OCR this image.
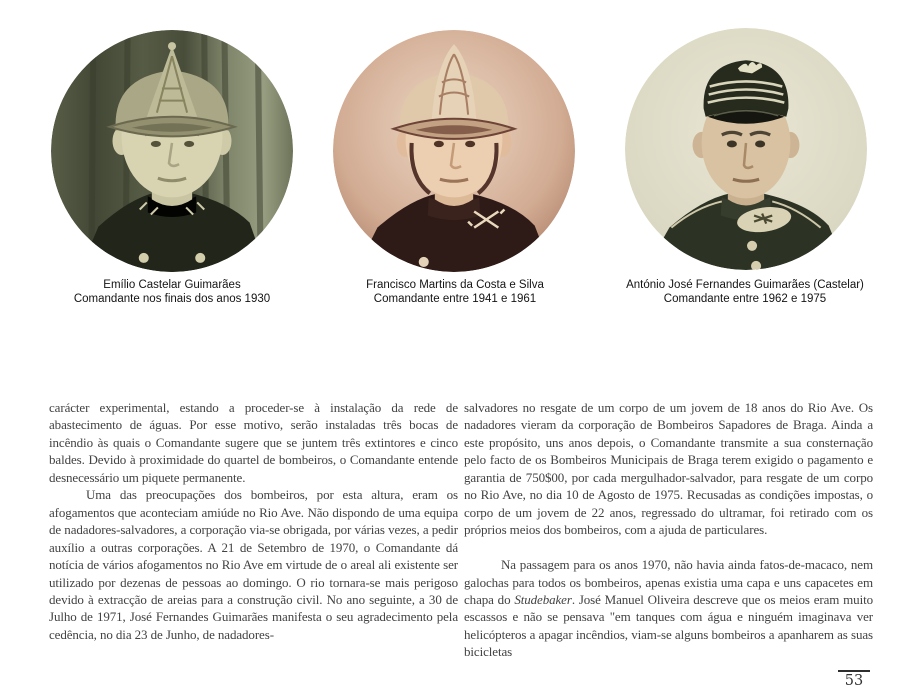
Emílio Castelar Guimarães
Comandante nos finais dos anos 1930
Francisco Martins da Costa e Silva
Comandante entre 1941 e 1961
António José Fernandes Guimarães (Castelar)
Comandante entre 1962 e 1975

carácter experimental, estando a proceder-se à instalação da rede de abastecimento de águas. Por esse motivo, serão instaladas três bocas de incêndio às quais o Comandante sugere que se juntem três extintores e cinco baldes. Devido à proximidade do quartel de bombeiros, o Comandante entende desnecessário um piquete permanente.

Uma das preocupações dos bombeiros, por esta altura, eram os afogamentos que aconteciam amiúde no Rio Ave. Não dispondo de uma equipa de nadadores-salvadores, a corporação via-se obrigada, por várias vezes, a pedir auxílio a outras corporações. A 21 de Setembro de 1970, o Comandante dá notícia de vários afogamentos no Rio Ave em virtude de o areal ali existente ser utilizado por dezenas de pessoas ao domingo. O rio tornara-se mais perigoso devido à extracção de areias para a construção civil. No ano seguinte, a 30 de Julho de 1971, José Fernandes Guimarães manifesta o seu agradecimento pela cedência, no dia 23 de Junho, de nadadores-

salvadores no resgate de um corpo de um jovem de 18 anos do Rio Ave. Os nadadores vieram da corporação de Bombeiros Sapadores de Braga. Ainda a este propósito, uns anos depois, o Comandante transmite a sua consternação pelo facto de os Bombeiros Municipais de Braga terem exigido o pagamento e garantia de 750$00, por cada mergulhador-salvador, para resgate de um corpo no Rio Ave, no dia 10 de Agosto de 1975. Recusadas as condições impostas, o corpo de um jovem de 22 anos, regressado do ultramar, foi retirado com os próprios meios dos bombeiros, com a ajuda de particulares.

Na passagem para os anos 1970, não havia ainda fatos-de-macaco, nem galochas para todos os bombeiros, apenas existia uma capa e uns capacetes em chapa do Studebaker. José Manuel Oliveira descreve que os meios eram muito escassos e não se pensava "em tanques com água e ninguém imaginava ver helicópteros a apagar incêndios, viam-se alguns bombeiros a apanharem as suas bicicletas

53
